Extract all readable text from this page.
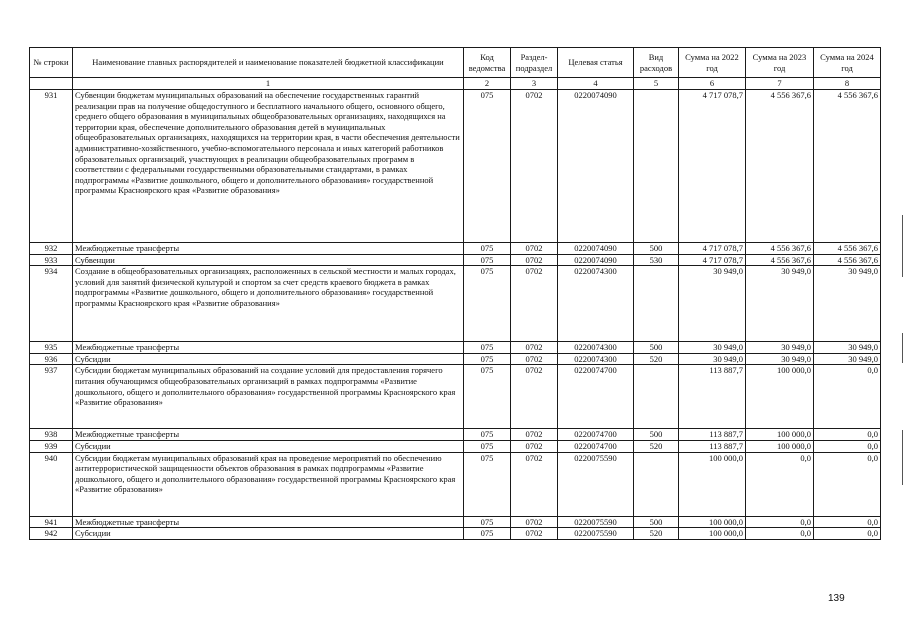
№ строки	Наименование главных распорядителей и наименование показателей бюджетной классификации	Код ведомства	Раздел-подраздел	Целевая статья	Вид расходов	Сумма на 2022 год	Сумма на 2023 год	Сумма на 2024 год
	1	2	3	4	5	6	7	8
931	Субвенции бюджетам муниципальных образований на обеспечение государственных гарантий реализации прав на получение общедоступного и бесплатного начального общего, основного общего, среднего общего образования в муниципальных общеобразовательных организациях, находящихся на территории края, обеспечение дополнительного образования детей в муниципальных общеобразовательных организациях, находящихся на территории края, в части обеспечения деятельности административно-хозяйственного, учебно-вспомогательного персонала и иных категорий работников образовательных организаций, участвующих в реализации общеобразовательных программ в соответствии с федеральными государственными образовательными стандартами, в рамках подпрограммы «Развитие дошкольного, общего и дополнительного образования» государственной программы Красноярского края «Развитие образования»	075	0702	0220074090		4 717 078,7	4 556 367,6	4 556 367,6
932	Межбюджетные трансферты	075	0702	0220074090	500	4 717 078,7	4 556 367,6	4 556 367,6
933	Субвенции	075	0702	0220074090	530	4 717 078,7	4 556 367,6	4 556 367,6
934	Создание в общеобразовательных организациях, расположенных в сельской местности и малых городах, условий для занятий физической культурой и спортом за счет средств краевого бюджета в рамках подпрограммы «Развитие дошкольного, общего и дополнительного образования» государственной программы Красноярского края «Развитие образования»	075	0702	0220074300		30 949,0	30 949,0	30 949,0
935	Межбюджетные трансферты	075	0702	0220074300	500	30 949,0	30 949,0	30 949,0
936	Субсидии	075	0702	0220074300	520	30 949,0	30 949,0	30 949,0
937	Субсидии бюджетам муниципальных образований на создание условий для предоставления горячего питания обучающимся общеобразовательных организаций в рамках подпрограммы «Развитие дошкольного, общего и дополнительного образования» государственной программы Красноярского края «Развитие образования»	075	0702	0220074700		113 887,7	100 000,0	0,0
938	Межбюджетные трансферты	075	0702	0220074700	500	113 887,7	100 000,0	0,0
939	Субсидии	075	0702	0220074700	520	113 887,7	100 000,0	0,0
940	Субсидии бюджетам муниципальных образований края на проведение мероприятий по обеспечению антитеррористической защищенности объектов образования в рамках подпрограммы «Развитие дошкольного, общего и дополнительного образования» государственной программы Красноярского края «Развитие образования»	075	0702	0220075590		100 000,0	0,0	0,0
941	Межбюджетные трансферты	075	0702	0220075590	500	100 000,0	0,0	0,0
942	Субсидии	075	0702	0220075590	520	100 000,0	0,0	0,0
139
